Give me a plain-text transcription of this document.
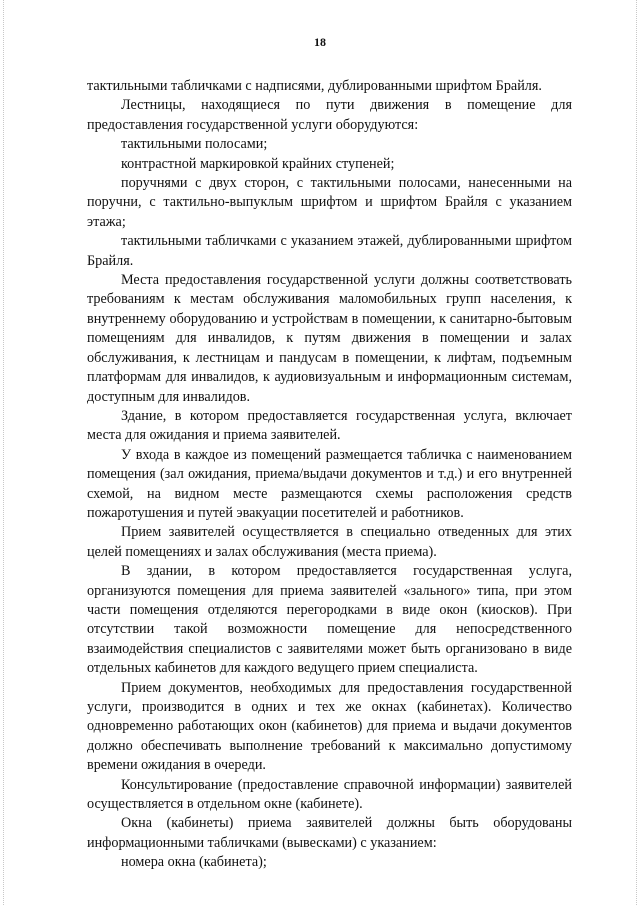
18

тактильными табличками с надписями, дублированными шрифтом Брайля.

Лестницы, находящиеся по пути движения в помещение для предоставления государственной услуги оборудуются:

тактильными полосами;

контрастной маркировкой крайних ступеней;

поручнями с двух сторон, с тактильными полосами, нанесенными на поручни, с тактильно-выпуклым шрифтом и шрифтом Брайля с указанием этажа;

тактильными табличками с указанием этажей, дублированными шрифтом Брайля.

Места предоставления государственной услуги должны соответствовать требованиям к местам обслуживания маломобильных групп населения, к внутреннему оборудованию и устройствам в помещении, к санитарно-бытовым помещениям для инвалидов, к путям движения в помещении и залах обслуживания, к лестницам и пандусам в помещении, к лифтам, подъемным платформам для инвалидов, к аудиовизуальным и информационным системам, доступным для инвалидов.

Здание, в котором предоставляется государственная услуга, включает места для ожидания и приема заявителей.

У входа в каждое из помещений размещается табличка с наименованием помещения (зал ожидания, приема/выдачи документов и т.д.) и его внутренней схемой, на видном месте размещаются схемы расположения средств пожаротушения и путей эвакуации посетителей и работников.

Прием заявителей осуществляется в специально отведенных для этих целей помещениях и залах обслуживания (места приема).

В здании, в котором предоставляется государственная услуга, организуются помещения для приема заявителей «зального» типа, при этом части помещения отделяются перегородками в виде окон (киосков). При отсутствии такой возможности помещение для непосредственного взаимодействия специалистов с заявителями может быть организовано в виде отдельных кабинетов для каждого ведущего прием специалиста.

Прием документов, необходимых для предоставления государственной услуги, производится в одних и тех же окнах (кабинетах). Количество одновременно работающих окон (кабинетов) для приема и выдачи документов должно обеспечивать выполнение требований к максимально допустимому времени ожидания в очереди.

Консультирование (предоставление справочной информации) заявителей осуществляется в отдельном окне (кабинете).

Окна (кабинеты) приема заявителей должны быть оборудованы информационными табличками (вывесками) с указанием:

номера окна (кабинета);
